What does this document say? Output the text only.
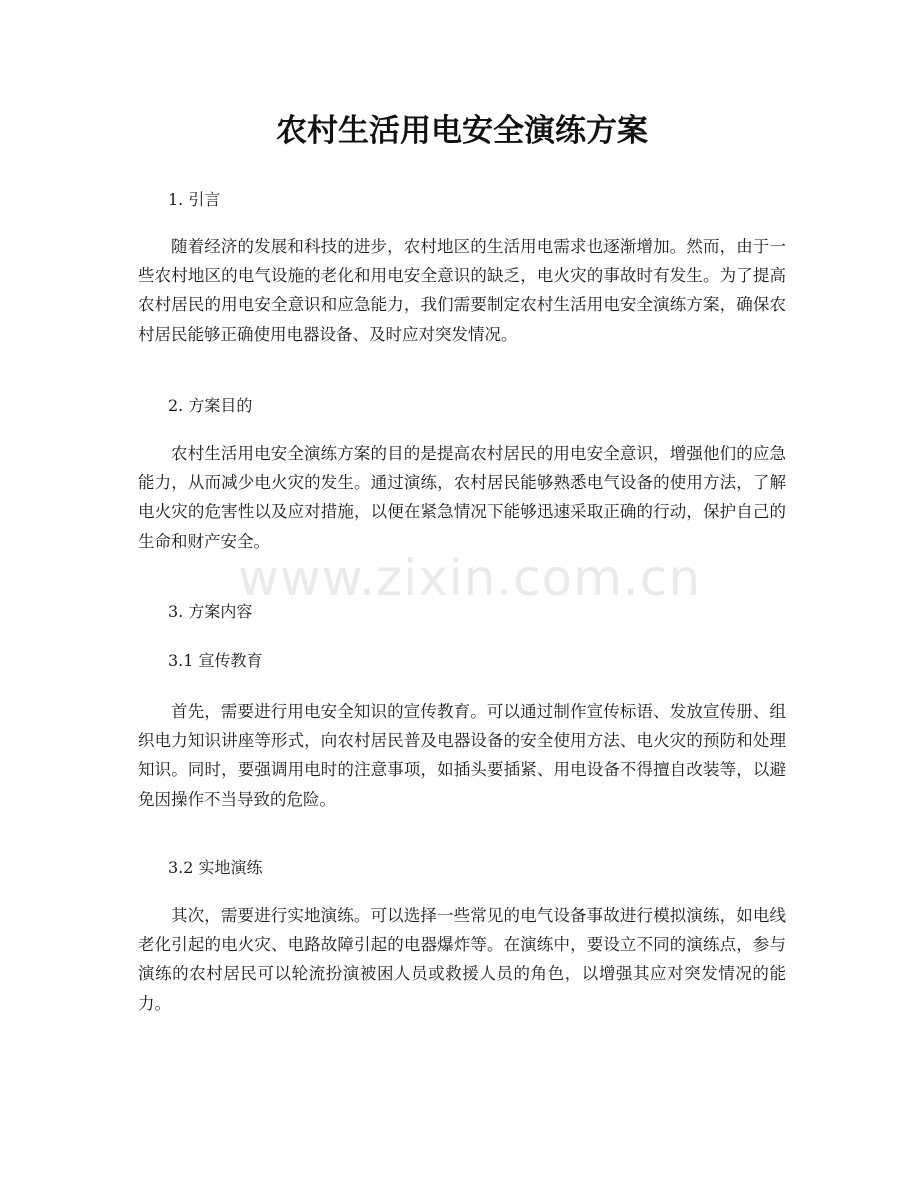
农村生活用电安全演练方案

1. 引言

随着经济的发展和科技的进步，农村地区的生活用电需求也逐渐增加。然而，由于一些农村地区的电气设施的老化和用电安全意识的缺乏，电火灾的事故时有发生。为了提高农村居民的用电安全意识和应急能力，我们需要制定农村生活用电安全演练方案，确保农村居民能够正确使用电器设备、及时应对突发情况。

2. 方案目的

农村生活用电安全演练方案的目的是提高农村居民的用电安全意识，增强他们的应急能力，从而减少电火灾的发生。通过演练，农村居民能够熟悉电气设备的使用方法，了解电火灾的危害性以及应对措施，以便在紧急情况下能够迅速采取正确的行动，保护自己的生命和财产安全。

3. 方案内容

3.1 宣传教育

首先，需要进行用电安全知识的宣传教育。可以通过制作宣传标语、发放宣传册、组织电力知识讲座等形式，向农村居民普及电器设备的安全使用方法、电火灾的预防和处理知识。同时，要强调用电时的注意事项，如插头要插紧、用电设备不得擅自改装等，以避免因操作不当导致的危险。

3.2 实地演练

其次，需要进行实地演练。可以选择一些常见的电气设备事故进行模拟演练，如电线老化引起的电火灾、电路故障引起的电器爆炸等。在演练中，要设立不同的演练点，参与演练的农村居民可以轮流扮演被困人员或救援人员的角色，以增强其应对突发情况的能力。

www.zixin.com.cn
